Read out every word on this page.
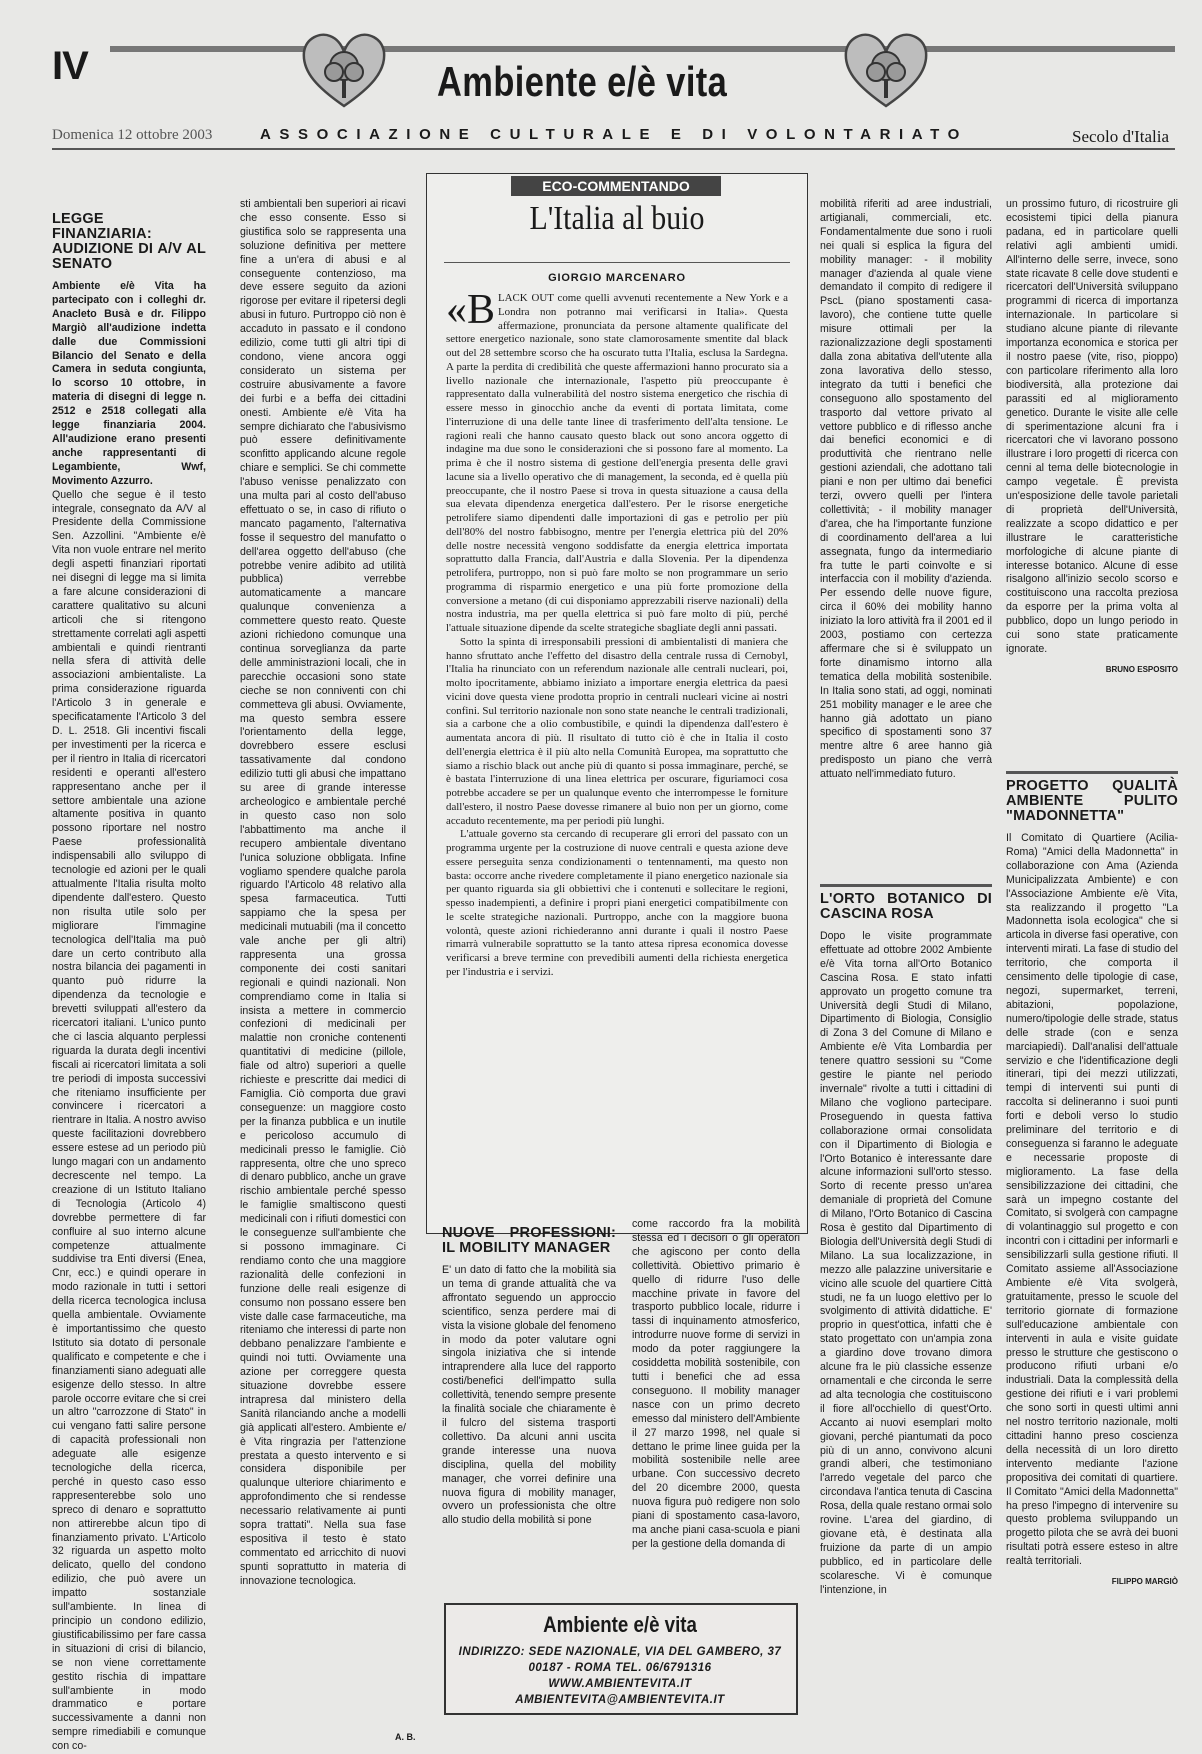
IV	Ambiente e/è vita
Domenica 12 ottobre 2003	ASSOCIAZIONE CULTURALE E DI VOLONTARIATO	Secolo d'Italia
LEGGE FINANZIARIA: AUDIZIONE DI A/V AL SENATO

Ambiente e/è Vita ha partecipato con i colleghi dr. Anacleto Busà e dr. Filippo Margiò all'audizione indetta dalle due Commissioni Bilancio del Senato e della Camera in seduta congiunta, lo scorso 10 ottobre, in materia di disegni di legge n. 2512 e 2518 collegati alla legge finanziaria 2004. All'audizione erano presenti anche rappresentanti di Legambiente, Wwf, Movimento Azzurro.

Quello che segue è il testo integrale, consegnato da A/V al Presidente della Commissione Sen. Azzollini. "Ambiente e/è Vita non vuole entrare nel merito degli aspetti finanziari riportati nei disegni di legge ma si limita a fare alcune considerazioni di carattere qualitativo su alcuni articoli che si ritengono strettamente correlati agli aspetti ambientali e quindi rientranti nella sfera di attività delle associazioni ambientaliste. La prima considerazione riguarda l'Articolo 3 in generale e specificatamente l'Articolo 3 del D. L. 2518. Gli incentivi fiscali per investimenti per la ricerca e per il rientro in Italia di ricercatori residenti e operanti all'estero rappresentano anche per il settore ambientale una azione altamente positiva in quanto possono riportare nel nostro Paese professionalità indispensabili allo sviluppo di tecnologie ed azioni per le quali attualmente l'Italia risulta molto dipendente dall'estero. Questo non risulta utile solo per migliorare l'immagine tecnologica dell'Italia ma può dare un certo contributo alla nostra bilancia dei pagamenti in quanto può ridurre la dipendenza da tecnologie e brevetti sviluppati all'estero da ricercatori italiani. L'unico punto che ci lascia alquanto perplessi riguarda la durata degli incentivi fiscali ai ricercatori limitata a soli tre periodi di imposta successivi che riteniamo insufficiente per convincere i ricercatori a rientrare in Italia. A nostro avviso queste facilitazioni dovrebbero essere estese ad un periodo più lungo magari con un andamento decrescente nel tempo. La creazione di un Istituto Italiano di Tecnologia (Articolo 4) dovrebbe permettere di far confluire al suo interno alcune competenze attualmente suddivise tra Enti diversi (Enea, Cnr, ecc.) e quindi operare in modo razionale in tutti i settori della ricerca tecnologica inclusa quella ambientale. Ovviamente è importantissimo che questo Istituto sia dotato di personale qualificato e competente e che i finanziamenti siano adeguati alle esigenze dello stesso. In altre parole occorre evitare che si crei un altro "carrozzone di Stato" in cui vengano fatti salire persone di capacità professionali non adeguate alle esigenze tecnologiche della ricerca, perché in questo caso esso rappresenterebbe solo uno spreco di denaro e soprattutto non attirerebbe alcun tipo di finanziamento privato. L'Articolo 32 riguarda un aspetto molto delicato, quello del condono edilizio, che può avere un impatto sostanziale sull'ambiente. In linea di principio un condono edilizio, giustificabilissimo per fare cassa in situazioni di crisi di bilancio, se non viene correttamente gestito rischia di impattare sull'ambiente in modo drammatico e portare successivamente a danni non sempre rimediabili e comunque con co-

sti ambientali ben superiori ai ricavi che esso consente. Esso si giustifica solo se rappresenta una soluzione definitiva per mettere fine a un'era di abusi e al conseguente contenzioso, ma deve essere seguito da azioni rigorose per evitare il ripetersi degli abusi in futuro. Purtroppo ciò non è accaduto in passato e il condono edilizio, come tutti gli altri tipi di condono, viene ancora oggi considerato un sistema per costruire abusivamente a favore dei furbi e a beffa dei cittadini onesti. Ambiente e/è Vita ha sempre dichiarato che l'abusivismo può essere definitivamente sconfitto applicando alcune regole chiare e semplici. Se chi commette l'abuso venisse penalizzato con una multa pari al costo dell'abuso effettuato o se, in caso di rifiuto o mancato pagamento, l'alternativa fosse il sequestro del manufatto o dell'area oggetto dell'abuso (che potrebbe venire adibito ad utilità pubblica) verrebbe automaticamente a mancare qualunque convenienza a commettere questo reato. Queste azioni richiedono comunque una continua sorveglianza da parte delle amministrazioni locali, che in parecchie occasioni sono state cieche se non conniventi con chi commetteva gli abusi. Ovviamente, ma questo sembra essere l'orientamento della legge, dovrebbero essere esclusi tassativamente dal condono edilizio tutti gli abusi che impattano su aree di grande interesse archeologico e ambientale perché in questo caso non solo l'abbattimento ma anche il recupero ambientale diventano l'unica soluzione obbligata. Infine vogliamo spendere qualche parola riguardo l'Articolo 48 relativo alla spesa farmaceutica. Tutti sappiamo che la spesa per medicinali mutuabili (ma il concetto vale anche per gli altri) rappresenta una grossa componente dei costi sanitari regionali e quindi nazionali. Non comprendiamo come in Italia si insista a mettere in commercio confezioni di medicinali per malattie non croniche contenenti quantitativi di medicine (pillole, fiale od altro) superiori a quelle richieste e prescritte dai medici di Famiglia. Ciò comporta due gravi conseguenze: un maggiore costo per la finanza pubblica e un inutile e pericoloso accumulo di medicinali presso le famiglie. Ciò rappresenta, oltre che uno spreco di denaro pubblico, anche un grave rischio ambientale perché spesso le famiglie smaltiscono questi medicinali con i rifiuti domestici con le conseguenze sull'ambiente che si possono immaginare. Ci rendiamo conto che una maggiore razionalità delle confezioni in funzione delle reali esigenze di consumo non possano essere ben viste dalle case farmaceutiche, ma riteniamo che interessi di parte non debbano penalizzare l'ambiente e quindi noi tutti. Ovviamente una azione per correggere questa situazione dovrebbe essere intrapresa dal ministero della Sanità rilanciando anche a modelli già applicati all'estero. Ambiente e/è Vita ringrazia per l'attenzione prestata a questo intervento e si considera disponibile per qualunque ulteriore chiarimento e approfondimento che si rendesse necessario relativamente ai punti sopra trattati". Nella sua fase espositiva il testo è stato commentato ed arricchito di nuovi spunti soprattutto in materia di innovazione tecnologica.

A. B.
ECO-COMMENTANDO
L'Italia al buio
GIORGIO MARCENARO
«B LACK OUT come quelli avvenuti recentemente a New York e a Londra non potranno mai verificarsi in Italia». Questa affermazione, pronunciata da persone altamente qualificate del settore energetico nazionale, sono state clamorosamente smentite dal black out del 28 settembre scorso che ha oscurato tutta l'Italia, esclusa la Sardegna. A parte la perdita di credibilità che queste affermazioni hanno procurato sia a livello nazionale che internazionale, l'aspetto più preoccupante è rappresentato dalla vulnerabilità del nostro sistema energetico che rischia di essere messo in ginocchio anche da eventi di portata limitata, come l'interruzione di una delle tante linee di trasferimento dell'alta tensione. Le ragioni reali che hanno causato questo black out sono ancora oggetto di indagine ma due sono le considerazioni che si possono fare al momento. La prima è che il nostro sistema di gestione dell'energia presenta delle gravi lacune sia a livello operativo che di management, la seconda, ed è quella più preoccupante, che il nostro Paese si trova in questa situazione a causa della sua elevata dipendenza energetica dall'estero. Per le risorse energetiche petrolifere siamo dipendenti dalle importazioni di gas e petrolio per più dell'80% del nostro fabbisogno, mentre per l'energia elettrica più del 20% delle nostre necessità vengono soddisfatte da energia elettrica importata soprattutto dalla Francia, dall'Austria e dalla Slovenia. Per la dipendenza petrolifera, purtroppo, non si può fare molto se non programmare un serio programma di risparmio energetico e una più forte promozione della conversione a metano (di cui disponiamo apprezzabili riserve nazionali) della nostra industria, ma per quella elettrica si può fare molto di più, perché l'attuale situazione dipende da scelte strategiche sbagliate degli anni passati.

Sotto la spinta di irresponsabili pressioni di ambientalisti di maniera che hanno sfruttato anche l'effetto del disastro della centrale russa di Cernobyl, l'Italia ha rinunciato con un referendum nazionale alle centrali nucleari, poi, molto ipocritamente, abbiamo iniziato a importare energia elettrica da paesi vicini dove questa viene prodotta proprio in centrali nucleari vicine ai nostri confini. Sul territorio nazionale non sono state neanche le centrali tradizionali, sia a carbone che a olio combustibile, e quindi la dipendenza dall'estero è aumentata ancora di più. Il risultato di tutto ciò è che in Italia il costo dell'energia elettrica è il più alto nella Comunità Europea, ma soprattutto che siamo a rischio black out anche più di quanto si possa immaginare, perché, se è bastata l'interruzione di una linea elettrica per oscurare, figuriamoci cosa potrebbe accadere se per un qualunque evento che interrompesse le forniture dall'estero, il nostro Paese dovesse rimanere al buio non per un giorno, come accaduto recentemente, ma per periodi più lunghi.

L'attuale governo sta cercando di recuperare gli errori del passato con un programma urgente per la costruzione di nuove centrali e questa azione deve essere perseguita senza condizionamenti o tentennamenti, ma questo non basta: occorre anche rivedere completamente il piano energetico nazionale sia per quanto riguarda sia gli obbiettivi che i contenuti e sollecitare le regioni, spesso inadempienti, a definire i propri piani energetici compatibilmente con le scelte strategiche nazionali. Purtroppo, anche con la maggiore buona volontà, queste azioni richiederanno anni durante i quali il nostro Paese rimarrà vulnerabile soprattutto se la tanto attesa ripresa economica dovesse verificarsi a breve termine con prevedibili aumenti della richiesta energetica per l'industria e i servizi.

NUOVE PROFESSIONI: IL MOBILITY MANAGER

E' un dato di fatto che la mobilità sia un tema di grande attualità che va affrontato seguendo un approccio scientifico, senza perdere mai di vista la visione globale del fenomeno in modo da poter valutare ogni singola iniziativa che si intende intraprendere alla luce del rapporto costi/benefici dell'impatto sulla collettività, tenendo sempre presente la finalità sociale che chiaramente è il fulcro del sistema trasporti collettivo. Da alcuni anni uscita grande interesse una nuova disciplina, quella del mobility manager, che vorrei definire una nuova figura di mobility manager, ovvero un professionista che oltre allo studio della mobilità si pone

come raccordo fra la mobilità stessa ed i decisori o gli operatori che agiscono per conto della collettività. Obiettivo primario è quello di ridurre l'uso delle macchine private in favore del trasporto pubblico locale, ridurre i tassi di inquinamento atmosferico, introdurre nuove forme di servizi in modo da poter raggiungere la cosiddetta mobilità sostenibile, con tutti i benefici che ad essa conseguono. Il mobility manager nasce con un primo decreto emesso dal ministero dell'Ambiente il 27 marzo 1998, nel quale si dettano le prime linee guida per la mobilità sostenibile nelle aree urbane. Con successivo decreto del 20 dicembre 2000, questa nuova figura può redigere non solo piani di spostamento casa-lavoro, ma anche piani casa-scuola e piani per la gestione della domanda di

mobilità riferiti ad aree industriali, artigianali, commerciali, etc. Fondamentalmente due sono i ruoli nei quali si esplica la figura del mobility manager: - il mobility manager d'azienda al quale viene demandato il compito di redigere il PscL (piano spostamenti casa-lavoro), che contiene tutte quelle misure ottimali per la razionalizzazione degli spostamenti dalla zona abitativa dell'utente alla zona lavorativa dello stesso, integrato da tutti i benefici che conseguono allo spostamento del trasporto dal vettore privato al vettore pubblico e di riflesso anche dai benefici economici e di produttività che rientrano nelle gestioni aziendali, che adottano tali piani e non per ultimo dai benefici terzi, ovvero quelli per l'intera collettività; - il mobility manager d'area, che ha l'importante funzione di coordinamento dell'area a lui assegnata, fungo da intermediario fra tutte le parti coinvolte e si interfaccia con il mobility d'azienda. Per essendo delle nuove figure, circa il 60% dei mobility hanno iniziato la loro attività fra il 2001 ed il 2003, postiamo con certezza affermare che si è sviluppato un forte dinamismo intorno alla tematica della mobilità sostenibile. In Italia sono stati, ad oggi, nominati 251 mobility manager e le aree che hanno già adottato un piano specifico di spostamenti sono 37 mentre altre 6 aree hanno già predisposto un piano che verrà attuato nell'immediato futuro.

L'ORTO BOTANICO DI CASCINA ROSA

Dopo le visite programmate effettuate ad ottobre 2002 Ambiente e/è Vita torna all'Orto Botanico Cascina Rosa. E stato infatti approvato un progetto comune tra Università degli Studi di Milano, Dipartimento di Biologia, Consiglio di Zona 3 del Comune di Milano e Ambiente e/è Vita Lombardia per tenere quattro sessioni su "Come gestire le piante nel periodo invernale" rivolte a tutti i cittadini di Milano che vogliono partecipare. Proseguendo in questa fattiva collaborazione ormai consolidata con il Dipartimento di Biologia e l'Orto Botanico è interessante dare alcune informazioni sull'orto stesso. Sorto di recente presso un'area demaniale di proprietà del Comune di Milano, l'Orto Botanico di Cascina Rosa è gestito dal Dipartimento di Biologia dell'Università degli Studi di Milano. La sua localizzazione, in mezzo alle palazzine universitarie e vicino alle scuole del quartiere Città studi, ne fa un luogo elettivo per lo svolgimento di attività didattiche. E' proprio in quest'ottica, infatti che è stato progettato con un'ampia zona a giardino dove trovano dimora alcune fra le più classiche essenze ornamentali e che circonda le serre ad alta tecnologia che costituiscono il fiore all'occhiello di quest'Orto. Accanto ai nuovi esemplari molto giovani, perché piantumati da poco più di un anno, convivono alcuni grandi alberi, che testimoniano l'arredo vegetale del parco che circondava l'antica tenuta di Cascina Rosa, della quale restano ormai solo rovine. L'area del giardino, di giovane età, è destinata alla fruizione da parte di un ampio pubblico, ed in particolare delle scolaresche. Vi è comunque l'intenzione, in

un prossimo futuro, di ricostruire gli ecosistemi tipici della pianura padana, ed in particolare quelli relativi agli ambienti umidi. All'interno delle serre, invece, sono state ricavate 8 celle dove studenti e ricercatori dell'Università sviluppano programmi di ricerca di importanza internazionale. In particolare si studiano alcune piante di rilevante importanza economica e storica per il nostro paese (vite, riso, pioppo) con particolare riferimento alla loro biodiversità, alla protezione dai parassiti ed al miglioramento genetico. Durante le visite alle celle di sperimentazione alcuni fra i ricercatori che vi lavorano possono illustrare i loro progetti di ricerca con cenni al tema delle biotecnologie in campo vegetale. È prevista un'esposizione delle tavole parietali di proprietà dell'Università, realizzate a scopo didattico e per illustrare le caratteristiche morfologiche di alcune piante di interesse botanico. Alcune di esse risalgono all'inizio secolo scorso e costituiscono una raccolta preziosa da esporre per la prima volta al pubblico, dopo un lungo periodo in cui sono state praticamente ignorate.

BRUNO ESPOSITO
PROGETTO QUALITÀ AMBIENTE PULITO "MADONNETTA"

Il Comitato di Quartiere (Acilia-Roma) "Amici della Madonnetta" in collaborazione con Ama (Azienda Municipalizzata Ambiente) e con l'Associazione Ambiente e/è Vita, sta realizzando il progetto "La Madonnetta isola ecologica" che si articola in diverse fasi operative, con interventi mirati. La fase di studio del territorio, che comporta il censimento delle tipologie di case, negozi, supermarket, terreni, abitazioni, popolazione, numero/tipologie delle strade, status delle strade (con e senza marciapiedi). Dall'analisi dell'attuale servizio e che l'identificazione degli itinerari, tipi dei mezzi utilizzati, tempi di interventi sui punti di raccolta si delineranno i suoi punti forti e deboli verso lo studio preliminare del territorio e di conseguenza si faranno le adeguate e necessarie proposte di miglioramento. La fase della sensibilizzazione dei cittadini, che sarà un impegno costante del Comitato, si svolgerà con campagne di volantinaggio sul progetto e con incontri con i cittadini per informarli e sensibilizzarli sulla gestione rifiuti. Il Comitato assieme all'Associazione Ambiente e/è Vita svolgerà, gratuitamente, presso le scuole del territorio giornate di formazione sull'educazione ambientale con interventi in aula e visite guidate presso le strutture che gestiscono o producono rifiuti urbani e/o industriali. Data la complessità della gestione dei rifiuti e i vari problemi che sono sorti in questi ultimi anni nel nostro territorio nazionale, molti cittadini hanno preso coscienza della necessità di un loro diretto intervento mediante l'azione propositiva dei comitati di quartiere. Il Comitato "Amici della Madonnetta" ha preso l'impegno di intervenire su questo problema sviluppando un progetto pilota che se avrà dei buoni risultati potrà essere esteso in altre realtà territoriali.

FILIPPO MARGIÒ
Ambiente e/è vita
INDIRIZZO: SEDE NAZIONALE, VIA DEL GAMBERO, 37
00187 - ROMA TEL. 06/6791316
WWW.AMBIENTEVITA.IT
AMBIENTEVITA@AMBIENTEVITA.IT
